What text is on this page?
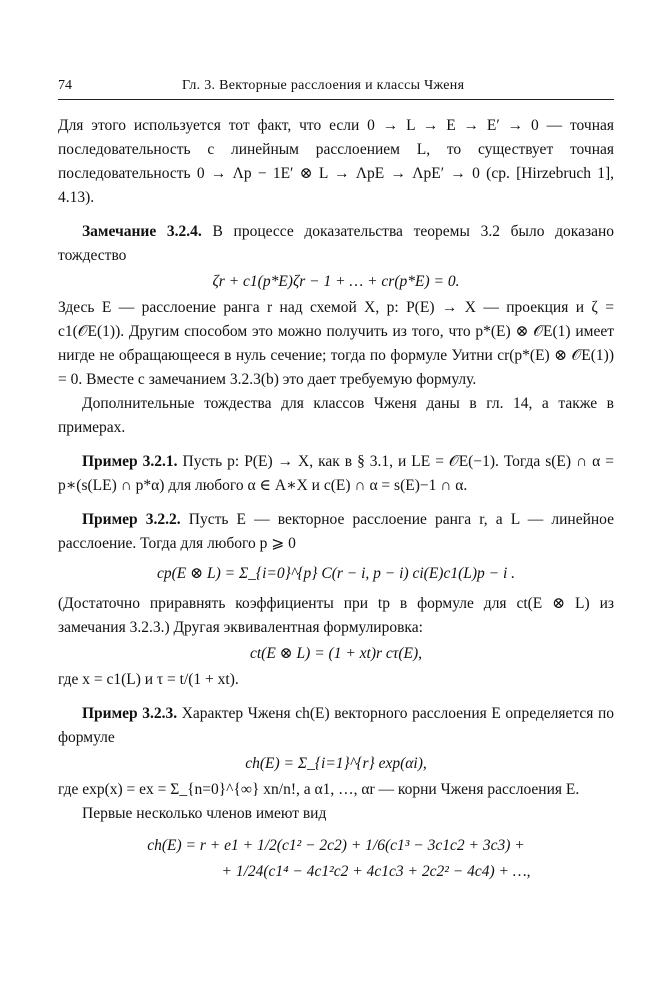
74	Гл. 3. Векторные расслоения и классы Чженя

Для этого используется тот факт, что если 0 → L → E → E′ → 0 — точная последовательность с линейным расслоением L, то существует точная последовательность 0 → Λp − 1E′ ⊗ L → ΛpE → ΛpE′ → 0 (ср. [Hirzebruch 1], 4.13).

Замечание 3.2.4. В процессе доказательства теоремы 3.2 было доказано тождество

ζr + c1(p*E)ζr − 1 + … + cr(p*E) = 0.

Здесь E — расслоение ранга r над схемой X, p: P(E) → X — проекция и ζ = c1(𝒪E(1)). Другим способом это можно получить из того, что p*(E) ⊗ 𝒪E(1) имеет нигде не обращающееся в нуль сечение; тогда по формуле Уитни cr(p*(E) ⊗ 𝒪E(1)) = 0. Вместе с замечанием 3.2.3(b) это дает требуемую формулу.

Дополнительные тождества для классов Чженя даны в гл. 14, а также в примерах.

Пример 3.2.1. Пусть p: P(E) → X, как в § 3.1, и LE = 𝒪E(−1). Тогда s(E) ∩ α = p∗(s(LE) ∩ p*α) для любого α ∈ A∗X и c(E) ∩ α = s(E)−1 ∩ α.

Пример 3.2.2. Пусть E — векторное расслоение ранга r, а L — линейное расслоение. Тогда для любого p ⩾ 0

cp(E ⊗ L) = Σ_{i=0}^{p} C(r − i, p − i) ci(E)c1(L)p − i .

(Достаточно приравнять коэффициенты при tp в формуле для ct(E ⊗ L) из замечания 3.2.3.) Другая эквивалентная формулировка:

ct(E ⊗ L) = (1 + xt)r cτ(E),

где x = c1(L) и τ = t/(1 + xt).

Пример 3.2.3. Характер Чженя ch(E) векторного расслоения E определяется по формуле

ch(E) = Σ_{i=1}^{r} exp(αi),

где exp(x) = ex = Σ_{n=0}^{∞} xn/n!, а α1, …, αr — корни Чженя расслоения E.

Первые несколько членов имеют вид

ch(E) = r + e1 + 1/2(c1² − 2c2) + 1/6(c1³ − 3c1c2 + 3c3) +

+ 1/24(c1⁴ − 4c1²c2 + 4c1c3 + 2c2² − 4c4) + …,
